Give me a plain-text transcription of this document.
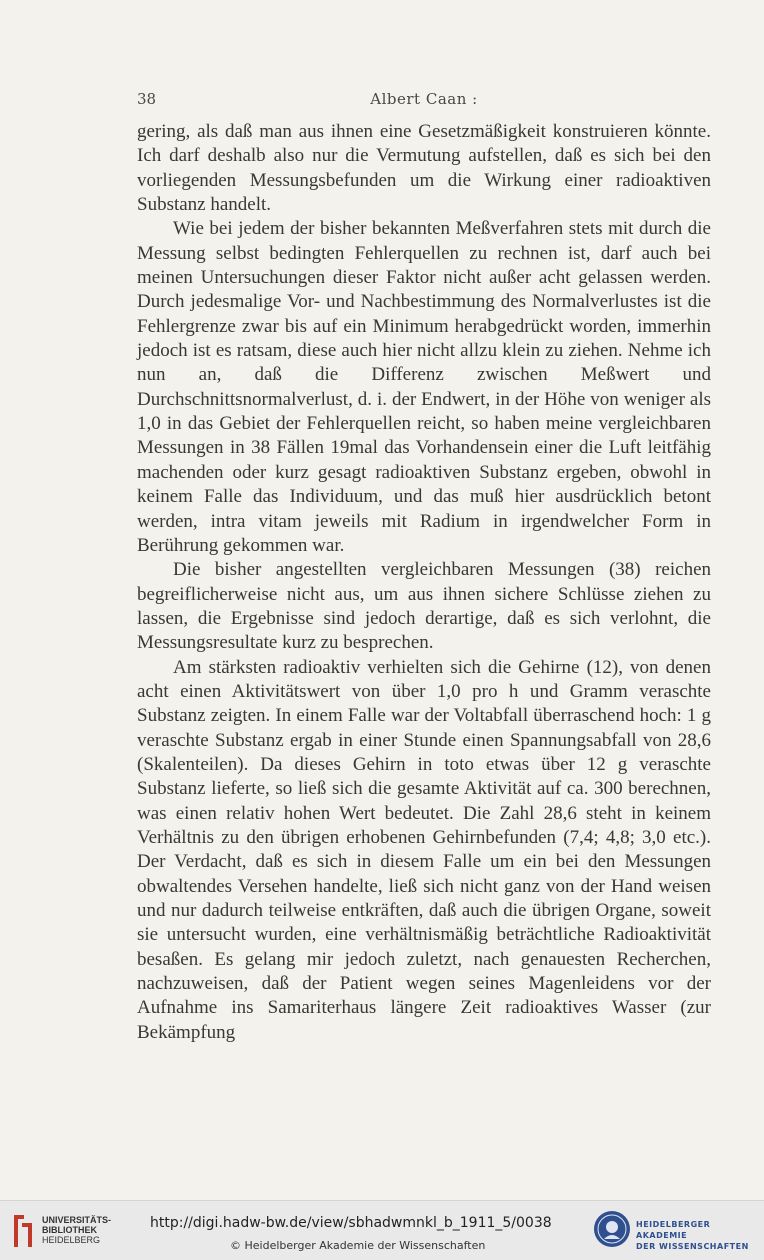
38	Albert Caan :

gering, als daß man aus ihnen eine Gesetzmäßigkeit konstruieren könnte. Ich darf deshalb also nur die Vermutung aufstellen, daß es sich bei den vorliegenden Messungsbefunden um die Wirkung einer radioaktiven Substanz handelt.

Wie bei jedem der bisher bekannten Meßverfahren stets mit durch die Messung selbst bedingten Fehlerquellen zu rechnen ist, darf auch bei meinen Untersuchungen dieser Faktor nicht außer acht gelassen werden. Durch jedesmalige Vor- und Nachbestimmung des Normalverlustes ist die Fehlergrenze zwar bis auf ein Minimum herabgedrückt worden, immerhin jedoch ist es ratsam, diese auch hier nicht allzu klein zu ziehen. Nehme ich nun an, daß die Differenz zwischen Meßwert und Durchschnittsnormalverlust, d. i. der Endwert, in der Höhe von weniger als 1,0 in das Gebiet der Fehlerquellen reicht, so haben meine vergleichbaren Messungen in 38 Fällen 19mal das Vorhandensein einer die Luft leitfähig machenden oder kurz gesagt radioaktiven Substanz ergeben, obwohl in keinem Falle das Individuum, und das muß hier ausdrücklich betont werden, intra vitam jeweils mit Radium in irgendwelcher Form in Berührung gekommen war.

Die bisher angestellten vergleichbaren Messungen (38) reichen begreiflicherweise nicht aus, um aus ihnen sichere Schlüsse ziehen zu lassen, die Ergebnisse sind jedoch derartige, daß es sich verlohnt, die Messungsresultate kurz zu besprechen.

Am stärksten radioaktiv verhielten sich die Gehirne (12), von denen acht einen Aktivitätswert von über 1,0 pro h und Gramm veraschte Substanz zeigten. In einem Falle war der Voltabfall überraschend hoch: 1 g veraschte Substanz ergab in einer Stunde einen Spannungsabfall von 28,6 (Skalenteilen). Da dieses Gehirn in toto etwas über 12 g veraschte Substanz lieferte, so ließ sich die gesamte Aktivität auf ca. 300 berechnen, was einen relativ hohen Wert bedeutet. Die Zahl 28,6 steht in keinem Verhältnis zu den übrigen erhobenen Gehirnbefunden (7,4; 4,8; 3,0 etc.). Der Verdacht, daß es sich in diesem Falle um ein bei den Messungen obwaltendes Versehen handelte, ließ sich nicht ganz von der Hand weisen und nur dadurch teilweise entkräften, daß auch die übrigen Organe, soweit sie untersucht wurden, eine verhältnismäßig beträchtliche Radioaktivität besaßen. Es gelang mir jedoch zuletzt, nach genauesten Recherchen, nachzuweisen, daß der Patient wegen seines Magenleidens vor der Aufnahme ins Samariterhaus längere Zeit radioaktives Wasser (zur Bekämpfung

UNIVERSITÄTS-
BIBLIOTHEK
HEIDELBERG
http://digi.hadw-bw.de/view/sbhadwmnkl_b_1911_5/0038
© Heidelberger Akademie der Wissenschaften
HEIDELBERGER AKADEMIE
DER WISSENSCHAFTEN
